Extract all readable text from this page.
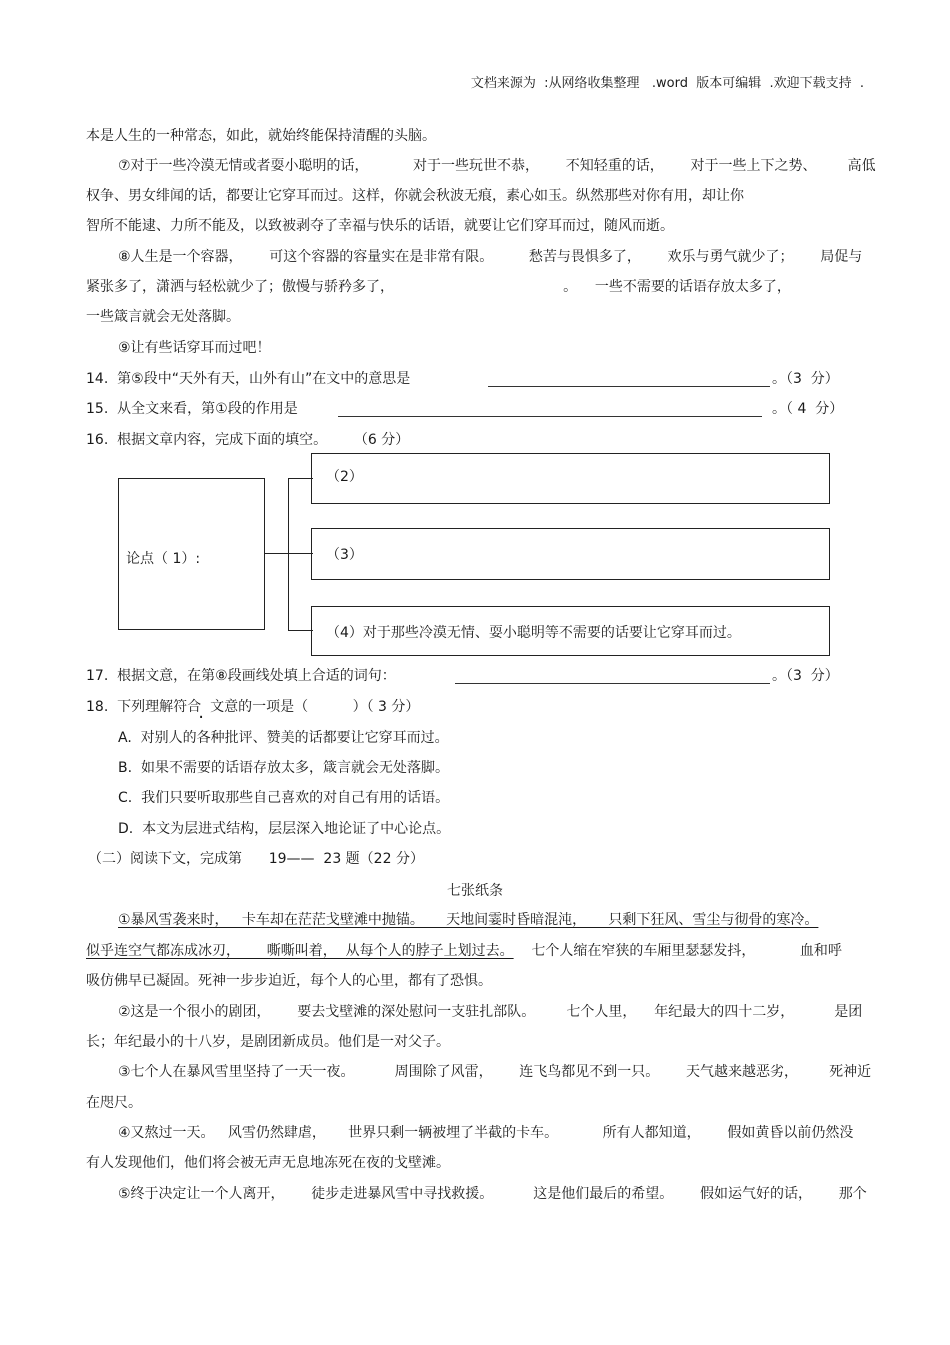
文档来源为  :从网络收集整理   .word  版本可编辑  .欢迎下载支持  .
本是人生的一种常态，如此，就始终能保持清醒的头脑。
⑦对于一些冷漠无情或者耍小聪明的话，          对于一些玩世不恭，      不知轻重的话，      对于一些上下之势、       高低
权争、男女绯闻的话，都要让它穿耳而过。这样，你就会秋波无痕，素心如玉。纵然那些对你有用，却让你
智所不能逮、力所不能及，以致被剥夺了幸福与快乐的话语，就要让它们穿耳而过，随风而逝。
⑧人生是一个容器，      可这个容器的容量实在是非常有限。        愁苦与畏惧多了，      欢乐与勇气就少了；      局促与
紧张多了，潇洒与轻松就少了；傲慢与骄矜多了，                                      。    一些不需要的话语存放太多了，
一些箴言就会无处落脚。
⑨让有些话穿耳而过吧！
14.  第⑤段中“天外有天，山外有山”在文中的意思是	。（3  分）
15.  从全文来看，第①段的作用是	。（ 4  分）
16.  根据文章内容，完成下面的填空。      （6 分）
论点（ 1）:
（2）
（3）
（4）对于那些冷漠无情、耍小聪明等不需要的话要让它穿耳而过。
17.  根据文意，在第⑧段画线处填上合适的词句：	。（3  分）
18.  下列理解符合  文意的一项是（          ）（ 3 分）
A.  对别人的各种批评、赞美的话都要让它穿耳而过。
B.  如果不需要的话语存放太多，箴言就会无处落脚。
C.  我们只要听取那些自己喜欢的对自己有用的话语。
D.  本文为层进式结构，层层深入地论证了中心论点。
（二）阅读下文，完成第      19——  23 题（22 分）
七张纸条
①暴风雪袭来时，   卡车却在茫茫戈壁滩中抛锚。     天地间霎时昏暗混沌，     只剩下狂风、雪尘与彻骨的寒冷。
似乎连空气都冻成冰刃，      嘶嘶叫着，  从每个人的脖子上划过去。    七个人缩在窄狭的车厢里瑟瑟发抖，          血和呼
吸仿佛早已凝固。死神一步步迫近，每个人的心里，都有了恐惧。
②这是一个很小的剧团，      要去戈壁滩的深处慰问一支驻扎部队。       七个人里，    年纪最大的四十二岁，         是团
长；年纪最小的十八岁，是剧团新成员。他们是一对父子。
③七个人在暴风雪里坚持了一天一夜。         周围除了风雷，      连飞鸟都见不到一只。      天气越来越恶劣，       死神近
在咫尺。
④又熬过一天。   风雪仍然肆虐，     世界只剩一辆被埋了半截的卡车。          所有人都知道，      假如黄昏以前仍然没
有人发现他们，他们将会被无声无息地冻死在夜的戈壁滩。
⑤终于决定让一个人离开，      徒步走进暴风雪中寻找救援。         这是他们最后的希望。      假如运气好的话，      那个
